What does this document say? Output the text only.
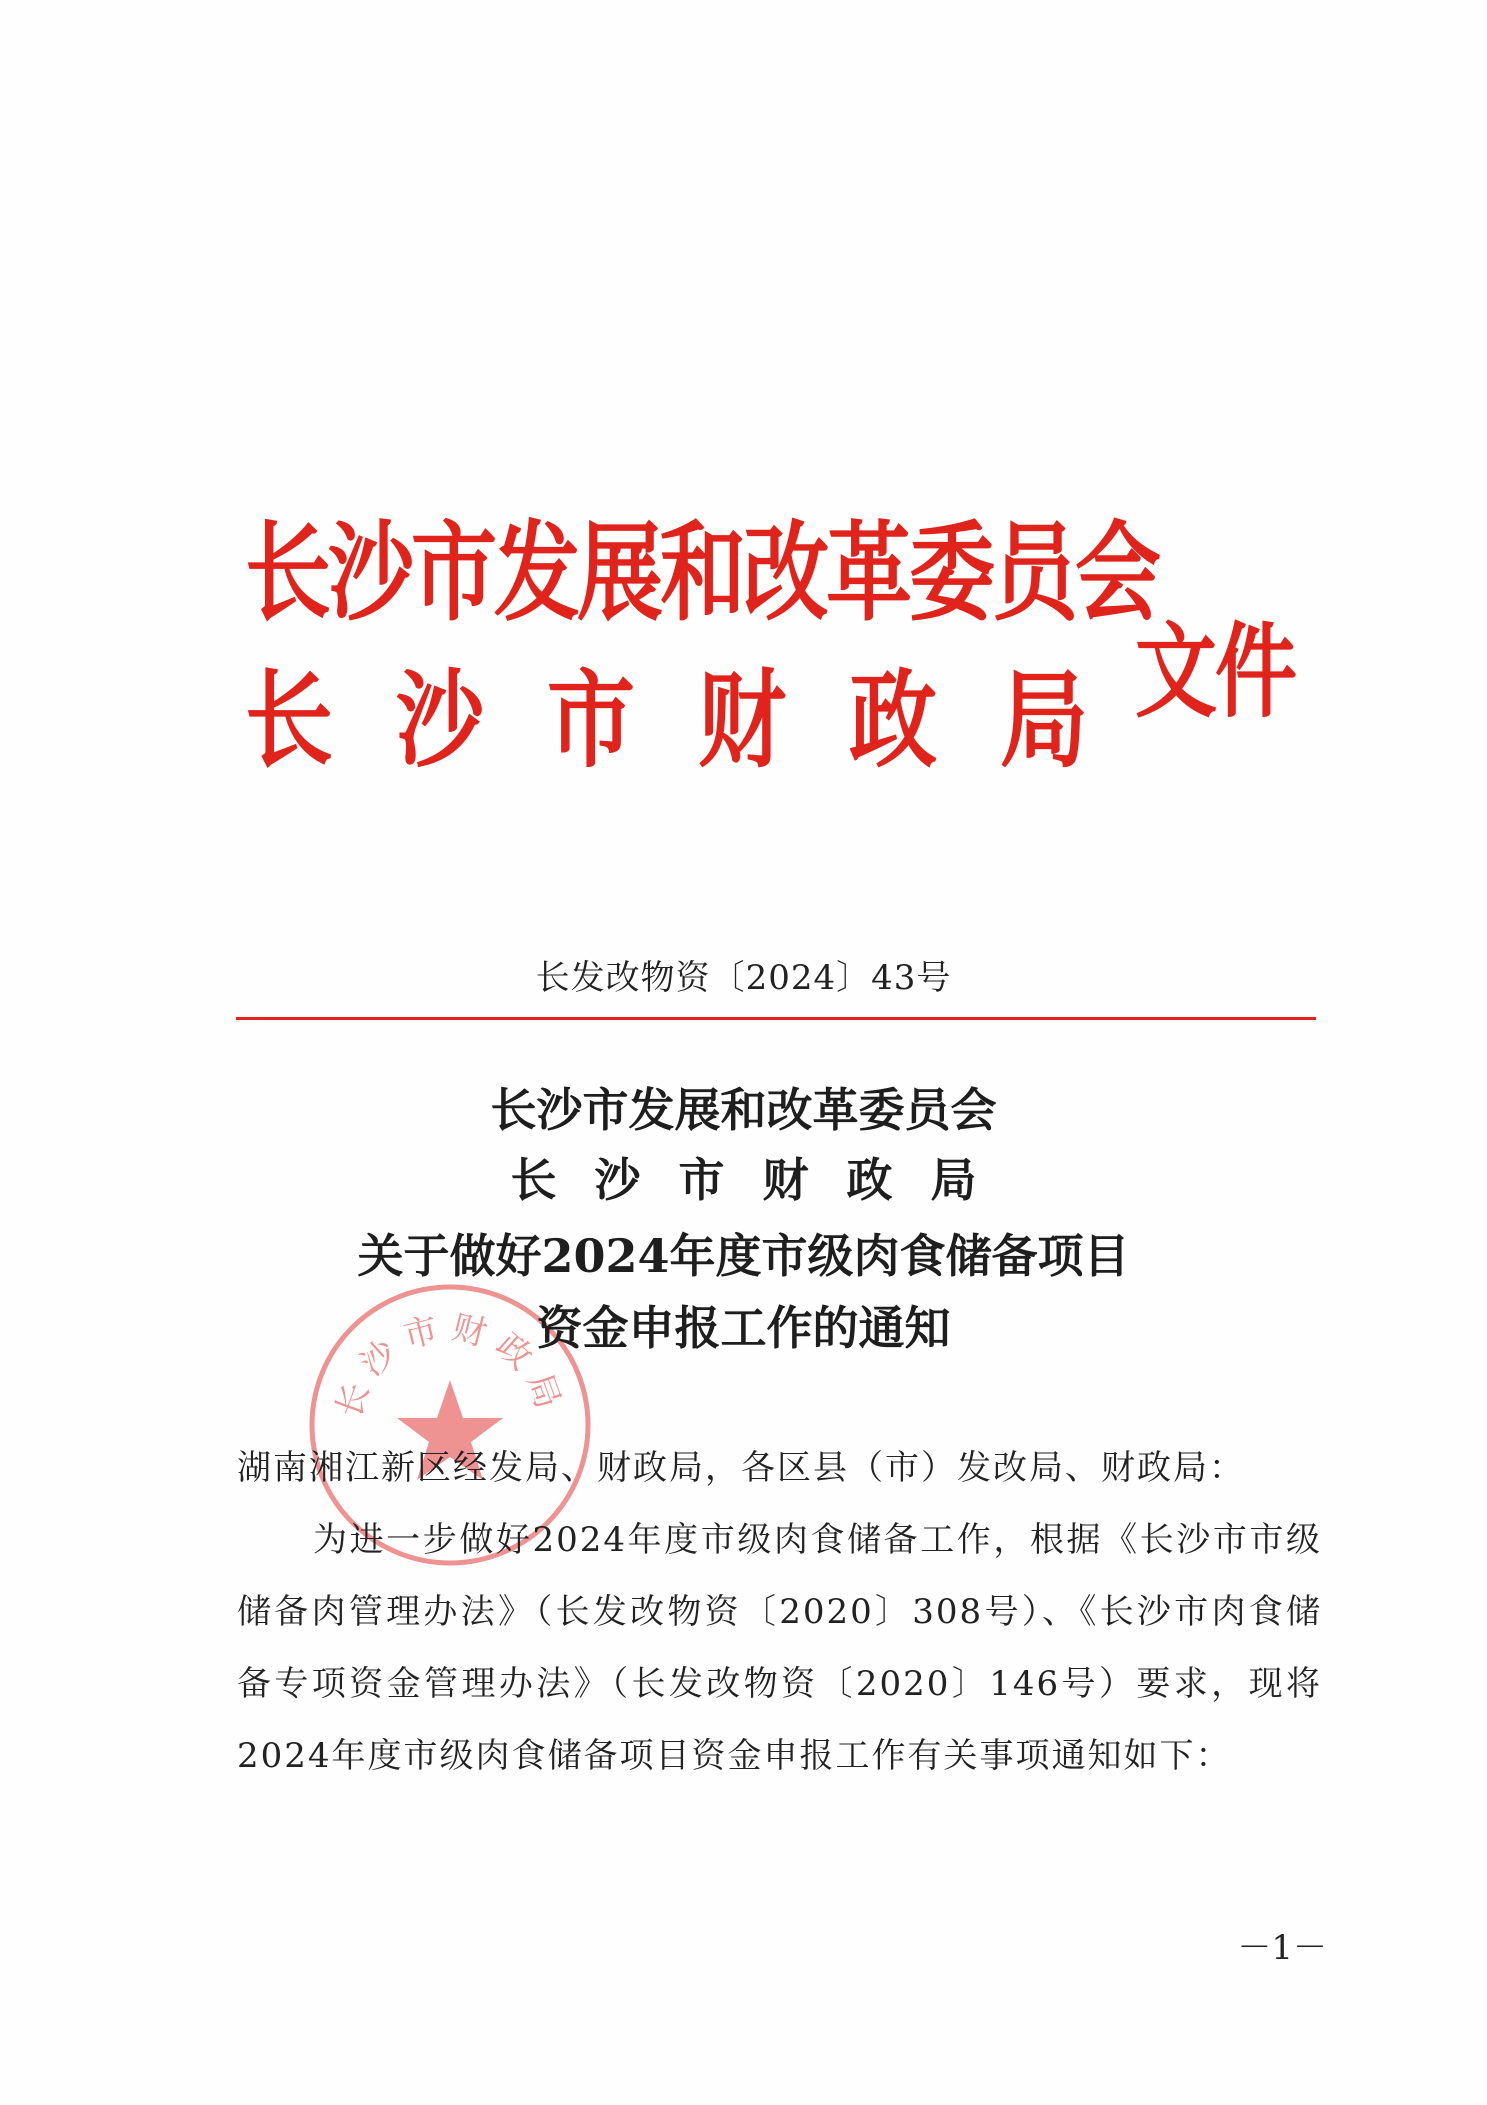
长沙市发展和改革委员会
长沙市财政局
文件
长发改物资〔2024〕43号
长沙市财政局
长沙市发展和改革委员会
长沙市财政局
关于做好2024年度市级肉食储备项目
资金申报工作的通知
湖南湘江新区经发局、财政局，各区县（市）发改局、财政局：
为进一步做好2024年度市级肉食储备工作，根据《长沙市市级储备肉管理办法》（长发改物资〔2020〕308号）、《长沙市肉食储备专项资金管理办法》（长发改物资〔2020〕146号）要求，现将2024年度市级肉食储备项目资金申报工作有关事项通知如下：
－1－
